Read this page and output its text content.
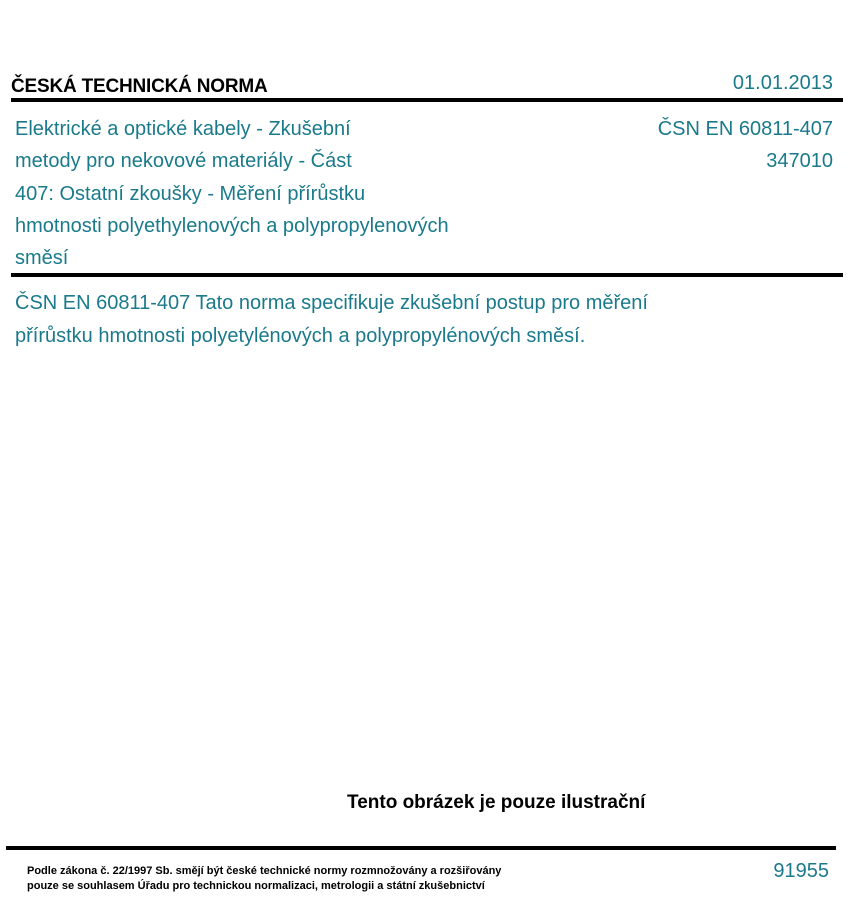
ČESKÁ TECHNICKÁ NORMA	01.01.2013
Elektrické a optické kabely - Zkušební
metody pro nekovové materiály - Část
407: Ostatní zkoušky - Měření přírůstku
hmotnosti polyethylenových a polypropylenových
směsí
ČSN EN 60811-407
347010
ČSN EN 60811-407 Tato norma specifikuje zkušební postup pro měření
přírůstku hmotnosti polyetylénových a polypropylénových směsí.
Tento obrázek je pouze ilustrační
Podle zákona č. 22/1997 Sb. smějí být české technické normy rozmnožovány a rozšiřovány
pouze se souhlasem Úřadu pro technickou normalizaci, metrologii a státní zkušebnictví
91955
